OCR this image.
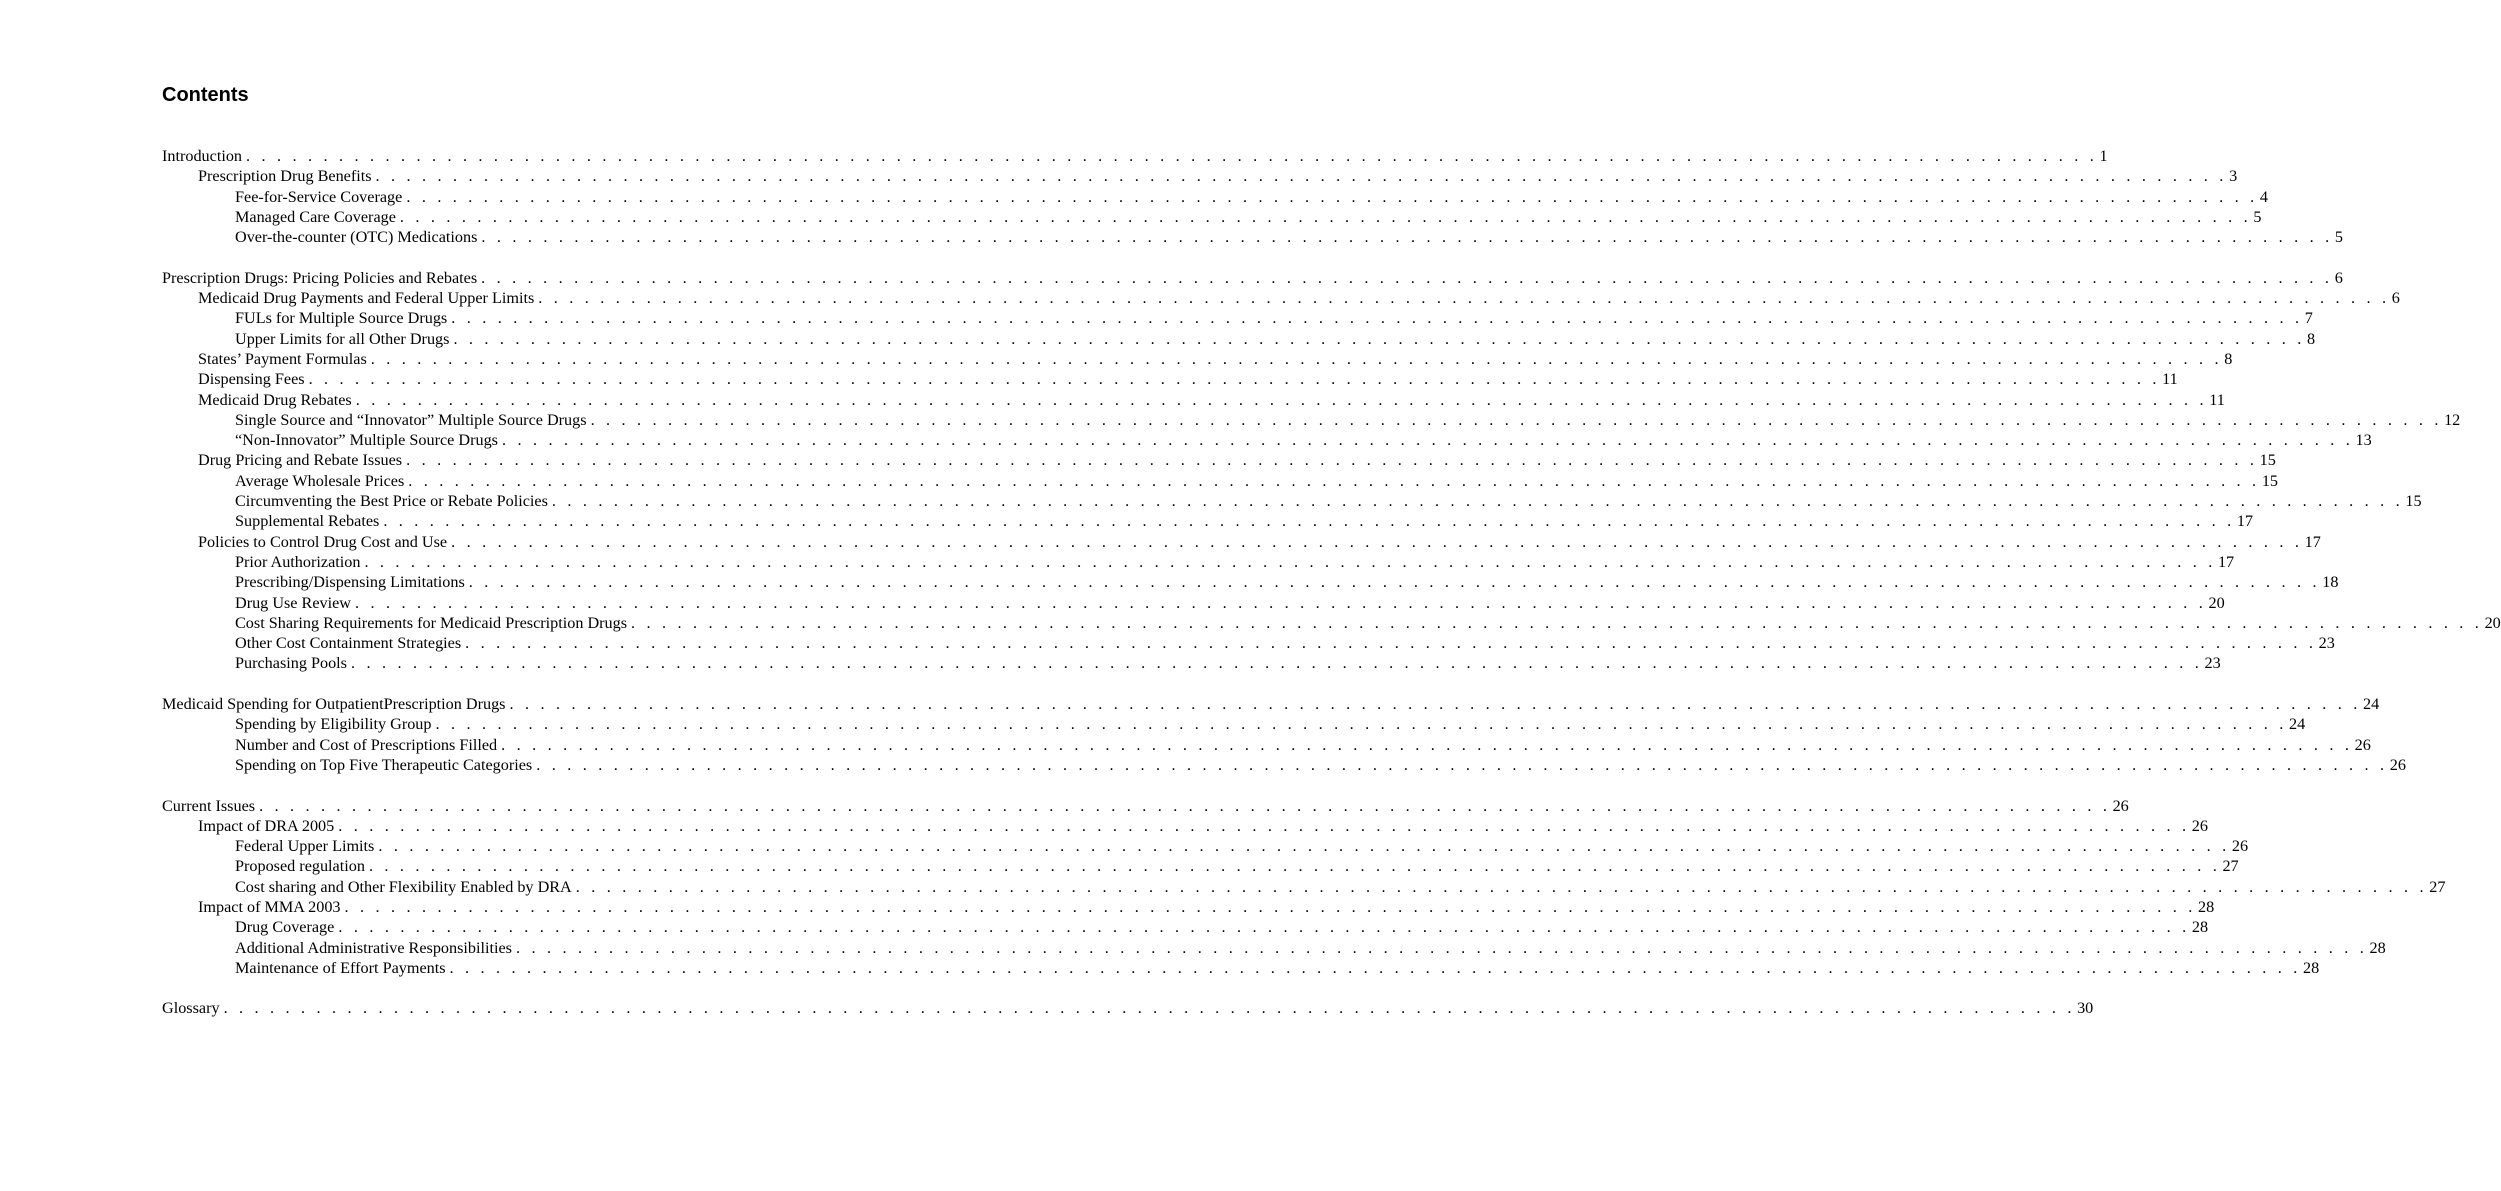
Contents
Introduction . . . . . . . . . . . . . . . . . . . . . . . . . . . . . . . . . . . . . . . . . . . . . . . . . . . . . . . . . . . . . . . . . . . . . . . . . . . . . . . . . . . . . . . . . . . . . . . . . . . . . . . . . . . . . . . . . . . . . . . . 1
Prescription Drug Benefits . . . . . . . . . . . . . . . . . . . . . . . . . . . . . . . . . . . . . . . . . . . . . . . . . . . . . . . . . . . . . . . . . . . . . . . . . . . . . . . . . . . . . . . . . . . . . . . . . . . . . . . . . . . . . . . . . . . . . . . . 3
Fee-for-Service Coverage . . . . . . . . . . . . . . . . . . . . . . . . . . . . . . . . . . . . . . . . . . . . . . . . . . . . . . . . . . . . . . . . . . . . . . . . . . . . . . . . . . . . . . . . . . . . . . . . . . . . . . . . . . . . . . . . . . . . . . . . 4
Managed Care Coverage . . . . . . . . . . . . . . . . . . . . . . . . . . . . . . . . . . . . . . . . . . . . . . . . . . . . . . . . . . . . . . . . . . . . . . . . . . . . . . . . . . . . . . . . . . . . . . . . . . . . . . . . . . . . . . . . . . . . . . . . 5
Over-the-counter (OTC) Medications . . . . . . . . . . . . . . . . . . . . . . . . . . . . . . . . . . . . . . . . . . . . . . . . . . . . . . . . . . . . . . . . . . . . . . . . . . . . . . . . . . . . . . . . . . . . . . . . . . . . . . . . . . . . . . . . . . . . . . . . 5
Prescription Drugs: Pricing Policies and Rebates . . . . . . . . . . . . . . . . . . . . . . . . . . . . . . . . . . . . . . . . . . . . . . . . . . . . . . . . . . . . . . . . . . . . . . . . . . . . . . . . . . . . . . . . . . . . . . . . . . . . . . . . . . . . . . . . . . . . . . . . 6
Medicaid Drug Payments and Federal Upper Limits . . . . . . . . . . . . . . . . . . . . . . . . . . . . . . . . . . . . . . . . . . . . . . . . . . . . . . . . . . . . . . . . . . . . . . . . . . . . . . . . . . . . . . . . . . . . . . . . . . . . . . . . . . . . . . . . . . . . . . . . 6
FULs for Multiple Source Drugs . . . . . . . . . . . . . . . . . . . . . . . . . . . . . . . . . . . . . . . . . . . . . . . . . . . . . . . . . . . . . . . . . . . . . . . . . . . . . . . . . . . . . . . . . . . . . . . . . . . . . . . . . . . . . . . . . . . . . . . . 7
Upper Limits for all Other Drugs . . . . . . . . . . . . . . . . . . . . . . . . . . . . . . . . . . . . . . . . . . . . . . . . . . . . . . . . . . . . . . . . . . . . . . . . . . . . . . . . . . . . . . . . . . . . . . . . . . . . . . . . . . . . . . . . . . . . . . . . 8
States’ Payment Formulas . . . . . . . . . . . . . . . . . . . . . . . . . . . . . . . . . . . . . . . . . . . . . . . . . . . . . . . . . . . . . . . . . . . . . . . . . . . . . . . . . . . . . . . . . . . . . . . . . . . . . . . . . . . . . . . . . . . . . . . . 8
Dispensing Fees . . . . . . . . . . . . . . . . . . . . . . . . . . . . . . . . . . . . . . . . . . . . . . . . . . . . . . . . . . . . . . . . . . . . . . . . . . . . . . . . . . . . . . . . . . . . . . . . . . . . . . . . . . . . . . . . . . . . . . . . 11
Medicaid Drug Rebates . . . . . . . . . . . . . . . . . . . . . . . . . . . . . . . . . . . . . . . . . . . . . . . . . . . . . . . . . . . . . . . . . . . . . . . . . . . . . . . . . . . . . . . . . . . . . . . . . . . . . . . . . . . . . . . . . . . . . . . . 11
Single Source and “Innovator” Multiple Source Drugs . . . . . . . . . . . . . . . . . . . . . . . . . . . . . . . . . . . . . . . . . . . . . . . . . . . . . . . . . . . . . . . . . . . . . . . . . . . . . . . . . . . . . . . . . . . . . . . . . . . . . . . . . . . . . . . . . . . . . . . . 12
“Non-Innovator” Multiple Source Drugs . . . . . . . . . . . . . . . . . . . . . . . . . . . . . . . . . . . . . . . . . . . . . . . . . . . . . . . . . . . . . . . . . . . . . . . . . . . . . . . . . . . . . . . . . . . . . . . . . . . . . . . . . . . . . . . . . . . . . . . . 13
Drug Pricing and Rebate Issues . . . . . . . . . . . . . . . . . . . . . . . . . . . . . . . . . . . . . . . . . . . . . . . . . . . . . . . . . . . . . . . . . . . . . . . . . . . . . . . . . . . . . . . . . . . . . . . . . . . . . . . . . . . . . . . . . . . . . . . . 15
Average Wholesale Prices . . . . . . . . . . . . . . . . . . . . . . . . . . . . . . . . . . . . . . . . . . . . . . . . . . . . . . . . . . . . . . . . . . . . . . . . . . . . . . . . . . . . . . . . . . . . . . . . . . . . . . . . . . . . . . . . . . . . . . . . 15
Circumventing the Best Price or Rebate Policies . . . . . . . . . . . . . . . . . . . . . . . . . . . . . . . . . . . . . . . . . . . . . . . . . . . . . . . . . . . . . . . . . . . . . . . . . . . . . . . . . . . . . . . . . . . . . . . . . . . . . . . . . . . . . . . . . . . . . . . . 15
Supplemental Rebates . . . . . . . . . . . . . . . . . . . . . . . . . . . . . . . . . . . . . . . . . . . . . . . . . . . . . . . . . . . . . . . . . . . . . . . . . . . . . . . . . . . . . . . . . . . . . . . . . . . . . . . . . . . . . . . . . . . . . . . . 17
Policies to Control Drug Cost and Use . . . . . . . . . . . . . . . . . . . . . . . . . . . . . . . . . . . . . . . . . . . . . . . . . . . . . . . . . . . . . . . . . . . . . . . . . . . . . . . . . . . . . . . . . . . . . . . . . . . . . . . . . . . . . . . . . . . . . . . . 17
Prior Authorization . . . . . . . . . . . . . . . . . . . . . . . . . . . . . . . . . . . . . . . . . . . . . . . . . . . . . . . . . . . . . . . . . . . . . . . . . . . . . . . . . . . . . . . . . . . . . . . . . . . . . . . . . . . . . . . . . . . . . . . . 17
Prescribing/Dispensing Limitations . . . . . . . . . . . . . . . . . . . . . . . . . . . . . . . . . . . . . . . . . . . . . . . . . . . . . . . . . . . . . . . . . . . . . . . . . . . . . . . . . . . . . . . . . . . . . . . . . . . . . . . . . . . . . . . . . . . . . . . . 18
Drug Use Review . . . . . . . . . . . . . . . . . . . . . . . . . . . . . . . . . . . . . . . . . . . . . . . . . . . . . . . . . . . . . . . . . . . . . . . . . . . . . . . . . . . . . . . . . . . . . . . . . . . . . . . . . . . . . . . . . . . . . . . . 20
Cost Sharing Requirements for Medicaid Prescription Drugs . . . . . . . . . . . . . . . . . . . . . . . . . . . . . . . . . . . . . . . . . . . . . . . . . . . . . . . . . . . . . . . . . . . . . . . . . . . . . . . . . . . . . . . . . . . . . . . . . . . . . . . . . . . . . . . . . . . . . . . . 20
Other Cost Containment Strategies . . . . . . . . . . . . . . . . . . . . . . . . . . . . . . . . . . . . . . . . . . . . . . . . . . . . . . . . . . . . . . . . . . . . . . . . . . . . . . . . . . . . . . . . . . . . . . . . . . . . . . . . . . . . . . . . . . . . . . . . 23
Purchasing Pools . . . . . . . . . . . . . . . . . . . . . . . . . . . . . . . . . . . . . . . . . . . . . . . . . . . . . . . . . . . . . . . . . . . . . . . . . . . . . . . . . . . . . . . . . . . . . . . . . . . . . . . . . . . . . . . . . . . . . . . . 23
Medicaid Spending for OutpatientPrescription Drugs . . . . . . . . . . . . . . . . . . . . . . . . . . . . . . . . . . . . . . . . . . . . . . . . . . . . . . . . . . . . . . . . . . . . . . . . . . . . . . . . . . . . . . . . . . . . . . . . . . . . . . . . . . . . . . . . . . . . . . . . 24
Spending by Eligibility Group . . . . . . . . . . . . . . . . . . . . . . . . . . . . . . . . . . . . . . . . . . . . . . . . . . . . . . . . . . . . . . . . . . . . . . . . . . . . . . . . . . . . . . . . . . . . . . . . . . . . . . . . . . . . . . . . . . . . . . . . 24
Number and Cost of Prescriptions Filled . . . . . . . . . . . . . . . . . . . . . . . . . . . . . . . . . . . . . . . . . . . . . . . . . . . . . . . . . . . . . . . . . . . . . . . . . . . . . . . . . . . . . . . . . . . . . . . . . . . . . . . . . . . . . . . . . . . . . . . . 26
Spending on Top Five Therapeutic Categories . . . . . . . . . . . . . . . . . . . . . . . . . . . . . . . . . . . . . . . . . . . . . . . . . . . . . . . . . . . . . . . . . . . . . . . . . . . . . . . . . . . . . . . . . . . . . . . . . . . . . . . . . . . . . . . . . . . . . . . . 26
Current Issues . . . . . . . . . . . . . . . . . . . . . . . . . . . . . . . . . . . . . . . . . . . . . . . . . . . . . . . . . . . . . . . . . . . . . . . . . . . . . . . . . . . . . . . . . . . . . . . . . . . . . . . . . . . . . . . . . . . . . . . . 26
Impact of DRA 2005 . . . . . . . . . . . . . . . . . . . . . . . . . . . . . . . . . . . . . . . . . . . . . . . . . . . . . . . . . . . . . . . . . . . . . . . . . . . . . . . . . . . . . . . . . . . . . . . . . . . . . . . . . . . . . . . . . . . . . . . . 26
Federal Upper Limits . . . . . . . . . . . . . . . . . . . . . . . . . . . . . . . . . . . . . . . . . . . . . . . . . . . . . . . . . . . . . . . . . . . . . . . . . . . . . . . . . . . . . . . . . . . . . . . . . . . . . . . . . . . . . . . . . . . . . . . . 26
Proposed regulation . . . . . . . . . . . . . . . . . . . . . . . . . . . . . . . . . . . . . . . . . . . . . . . . . . . . . . . . . . . . . . . . . . . . . . . . . . . . . . . . . . . . . . . . . . . . . . . . . . . . . . . . . . . . . . . . . . . . . . . . 27
Cost sharing and Other Flexibility Enabled by DRA . . . . . . . . . . . . . . . . . . . . . . . . . . . . . . . . . . . . . . . . . . . . . . . . . . . . . . . . . . . . . . . . . . . . . . . . . . . . . . . . . . . . . . . . . . . . . . . . . . . . . . . . . . . . . . . . . . . . . . . . 27
Impact of MMA 2003 . . . . . . . . . . . . . . . . . . . . . . . . . . . . . . . . . . . . . . . . . . . . . . . . . . . . . . . . . . . . . . . . . . . . . . . . . . . . . . . . . . . . . . . . . . . . . . . . . . . . . . . . . . . . . . . . . . . . . . . . 28
Drug Coverage . . . . . . . . . . . . . . . . . . . . . . . . . . . . . . . . . . . . . . . . . . . . . . . . . . . . . . . . . . . . . . . . . . . . . . . . . . . . . . . . . . . . . . . . . . . . . . . . . . . . . . . . . . . . . . . . . . . . . . . . 28
Additional Administrative Responsibilities . . . . . . . . . . . . . . . . . . . . . . . . . . . . . . . . . . . . . . . . . . . . . . . . . . . . . . . . . . . . . . . . . . . . . . . . . . . . . . . . . . . . . . . . . . . . . . . . . . . . . . . . . . . . . . . . . . . . . . . . 28
Maintenance of Effort Payments . . . . . . . . . . . . . . . . . . . . . . . . . . . . . . . . . . . . . . . . . . . . . . . . . . . . . . . . . . . . . . . . . . . . . . . . . . . . . . . . . . . . . . . . . . . . . . . . . . . . . . . . . . . . . . . . . . . . . . . . 28
Glossary . . . . . . . . . . . . . . . . . . . . . . . . . . . . . . . . . . . . . . . . . . . . . . . . . . . . . . . . . . . . . . . . . . . . . . . . . . . . . . . . . . . . . . . . . . . . . . . . . . . . . . . . . . . . . . . . . . . . . . . . 30
